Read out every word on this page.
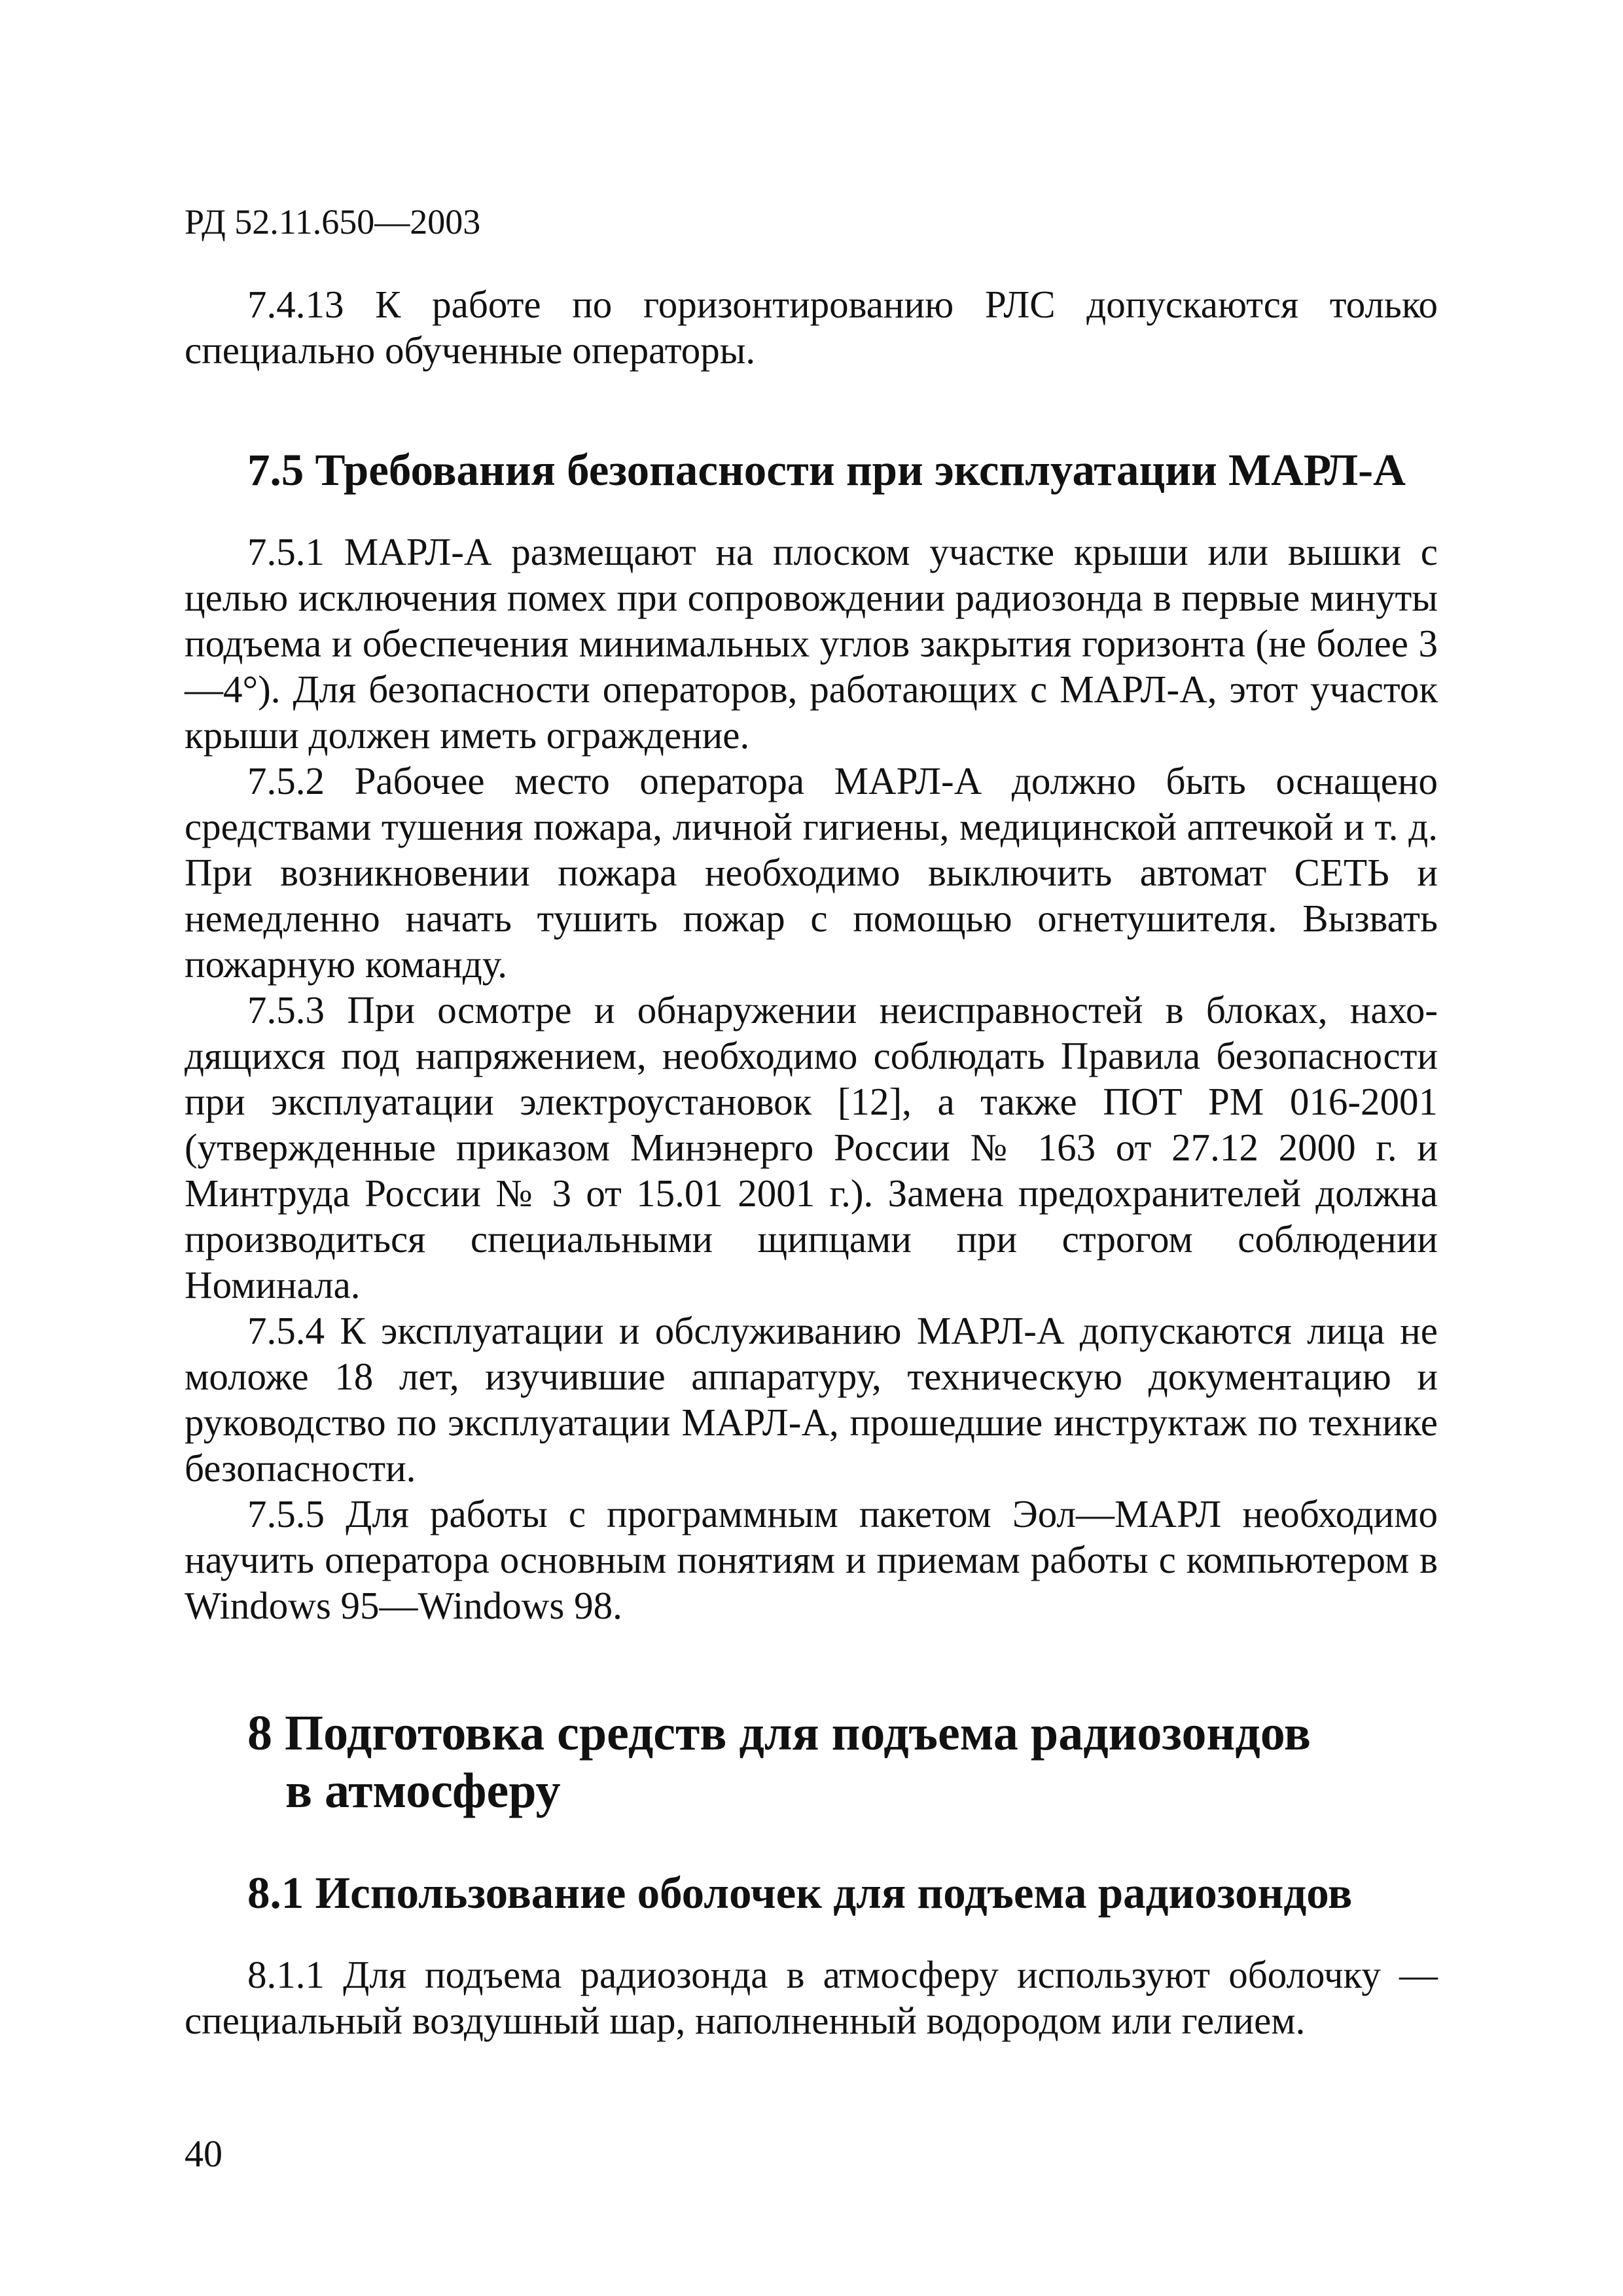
РД 52.11.650—2003

7.4.13 К работе по горизонтированию РЛС допускаются только специально обученные операторы.

7.5 Требования безопасности при эксплуатации МАРЛ-А

7.5.1 МАРЛ-А размещают на плоском участке крыши или вышки с целью исключения помех при сопровождении радиозонда в первые минуты подъема и обеспечения минимальных углов закрытия горизонта (не более 3—4°). Для безопасности операторов, работающих с МАРЛ-А, этот участок крыши должен иметь ограждение.

7.5.2 Рабочее место оператора МАРЛ-А должно быть оснащено средствами тушения пожара, личной гигиены, медицинской аптечкой и т. д. При возникновении пожара необходимо выключить автомат СЕТЬ и немедленно начать тушить пожар с помощью огнетушителя. Вызвать пожарную команду.

7.5.3 При осмотре и обнаружении неисправностей в блоках, находящихся под напряжением, необходимо соблюдать Правила безопасности при эксплуатации электроустановок [12], а также ПОТ РМ 016-2001 (утвержденные приказом Минэнерго России № 163 от 27.12 2000 г. и Минтруда России № 3 от 15.01 2001 г.). Замена предохранителей должна производиться специальными щипцами при строгом соблюдении Номинала.

7.5.4 К эксплуатации и обслуживанию МАРЛ-А допускаются лица не моложе 18 лет, изучившие аппаратуру, техническую документацию и руководство по эксплуатации МАРЛ-А, прошедшие инструктаж по технике безопасности.

7.5.5 Для работы с программным пакетом Эол—МАРЛ необходимо научить оператора основным понятиям и приемам работы с компьютером в Windows 95—Windows 98.

8 Подготовка средств для подъема радиозондов
в атмосферу
8.1 Использование оболочек для подъема радиозондов

8.1.1 Для подъема радиозонда в атмосферу используют оболочку — специальный воздушный шар, наполненный водородом или гелием.

40
